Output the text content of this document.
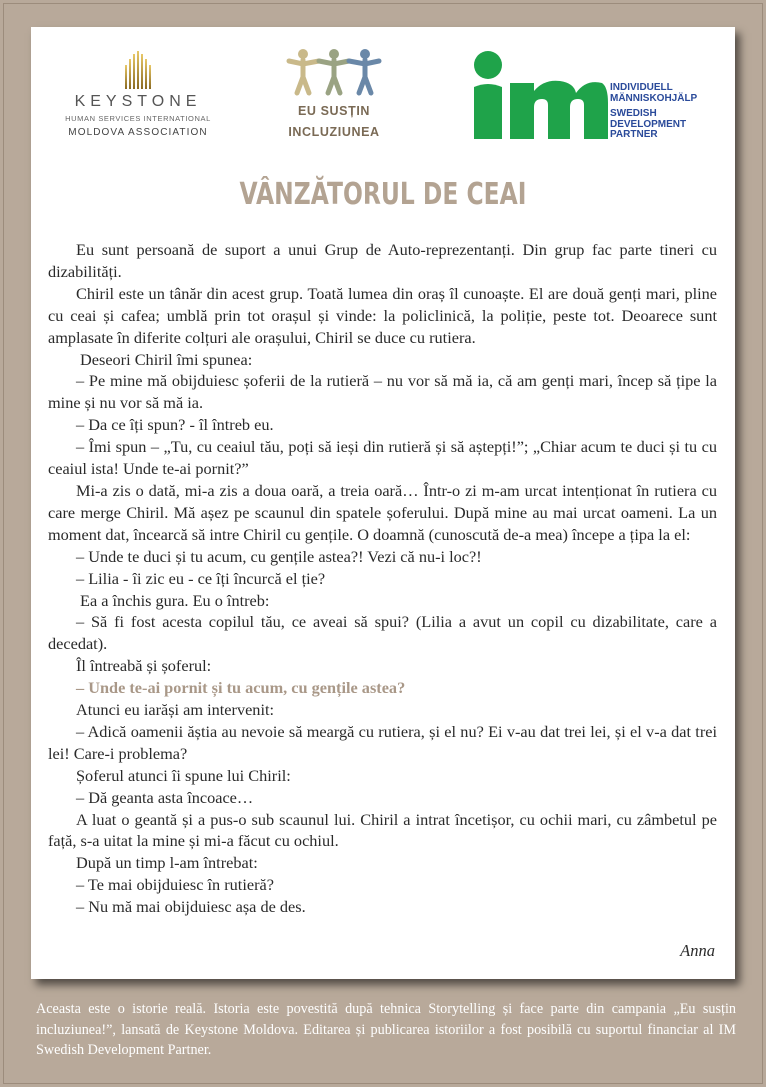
KEYSTONE
HUMAN SERVICES INTERNATIONAL
MOLDOVA ASSOCIATION
EU SUSȚIN
INCLUZIUNEA
INDIVIDUELL
MÄNNISKOHJÄLP
SWEDISH
DEVELOPMENT
PARTNER
VÂNZĂTORUL DE CEAI

Eu sunt persoană de suport a unui Grup de Auto-reprezentanți. Din grup fac parte tineri cu dizabilități.

Chiril este un tânăr din acest grup. Toată lumea din oraș îl cunoaște. El are două genți mari, pline cu ceai și cafea; umblă prin tot orașul și vinde: la policlinică, la poliție, peste tot. Deoarece sunt amplasate în diferite colțuri ale orașului, Chiril se duce cu rutiera.

Deseori Chiril îmi spunea:

– Pe mine mă obijduiesc șoferii de la rutieră – nu vor să mă ia, că am genți mari, încep să țipe la mine și nu vor să mă ia.

– Da ce îți spun? - îl întreb eu.

– Îmi spun – „Tu, cu ceaiul tău, poți să ieși din rutieră și să aștepți!”; „Chiar acum te duci și tu cu ceaiul ista! Unde te-ai pornit?”

Mi-a zis o dată, mi-a zis a doua oară, a treia oară… Într-o zi m-am urcat intenționat în rutiera cu care merge Chiril. Mă așez pe scaunul din spatele șoferului. După mine au mai urcat oameni. La un moment dat, încearcă să intre Chiril cu gențile. O doamnă (cunoscută de-a mea) începe a țipa la el:

– Unde te duci și tu acum, cu gențile astea?! Vezi că nu-i loc?!

– Lilia - îi zic eu - ce îți încurcă el ție?

Ea a închis gura. Eu o întreb:

– Să fi fost acesta copilul tău, ce aveai să spui? (Lilia a avut un copil cu dizabilitate, care a decedat).

Îl întreabă și șoferul:

– Unde te-ai pornit și tu acum, cu gențile astea?

Atunci eu iarăși am intervenit:

– Adică oamenii ăștia au nevoie să meargă cu rutiera, și el nu? Ei v-au dat trei lei, și el v-a dat trei lei! Care-i problema?

Șoferul atunci îi spune lui Chiril:

– Dă geanta asta încoace…

A luat o geantă și a pus-o sub scaunul lui. Chiril a intrat încetișor, cu ochii mari, cu zâmbetul pe față, s-a uitat la mine și mi-a făcut cu ochiul.

După un timp l-am întrebat:

– Te mai obijduiesc în rutieră?

– Nu mă mai obijduiesc așa de des.

Anna
Aceasta este o istorie reală. Istoria este povestită după tehnica Storytelling și face parte din campania „Eu susțin incluziunea!”, lansată de Keystone Moldova. Editarea și publicarea istoriilor a fost posibilă cu suportul financiar al IM Swedish Development Partner.
